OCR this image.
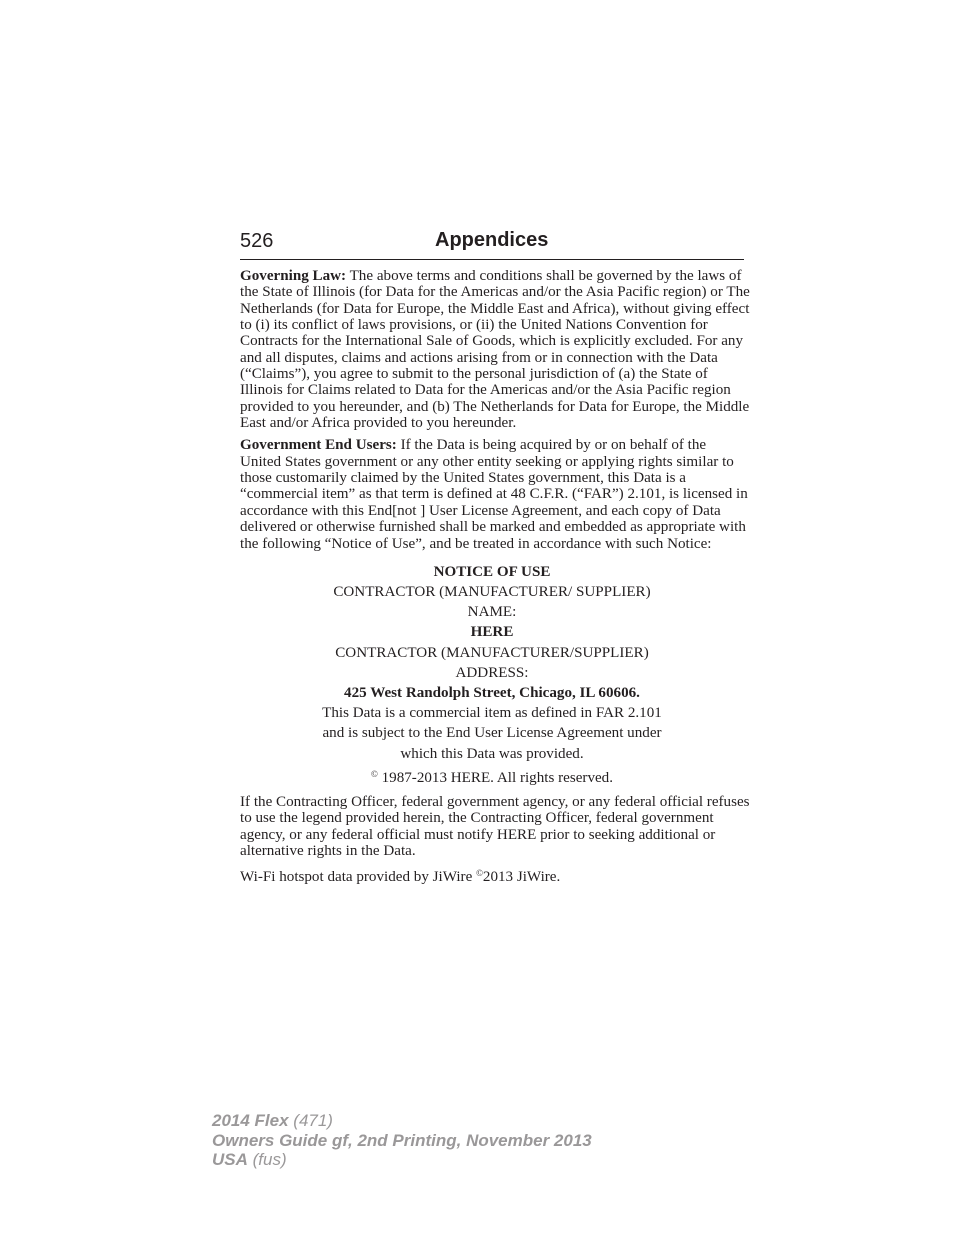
526	Appendices

Governing Law: The above terms and conditions shall be governed by the laws of the State of Illinois (for Data for the Americas and/or the Asia Pacific region) or The Netherlands (for Data for Europe, the Middle East and Africa), without giving effect to (i) its conflict of laws provisions, or (ii) the United Nations Convention for Contracts for the International Sale of Goods, which is explicitly excluded. For any and all disputes, claims and actions arising from or in connection with the Data (“Claims”), you agree to submit to the personal jurisdiction of (a) the State of Illinois for Claims related to Data for the Americas and/or the Asia Pacific region provided to you hereunder, and (b) The Netherlands for Data for Europe, the Middle East and/or Africa provided to you hereunder.

Government End Users: If the Data is being acquired by or on behalf of the United States government or any other entity seeking or applying rights similar to those customarily claimed by the United States government, this Data is a “commercial item” as that term is defined at 48 C.F.R. (“FAR”) 2.101, is licensed in accordance with this End[not ] User License Agreement, and each copy of Data delivered or otherwise furnished shall be marked and embedded as appropriate with the following “Notice of Use”, and be treated in accordance with such Notice:

NOTICE OF USE
CONTRACTOR (MANUFACTURER/ SUPPLIER)
NAME:
HERE
CONTRACTOR (MANUFACTURER/SUPPLIER)
ADDRESS:
425 West Randolph Street, Chicago, IL 60606.
This Data is a commercial item as defined in FAR 2.101
and is subject to the End User License Agreement under
which this Data was provided.
© 1987-2013 HERE. All rights reserved.

If the Contracting Officer, federal government agency, or any federal official refuses to use the legend provided herein, the Contracting Officer, federal government agency, or any federal official must notify HERE prior to seeking additional or alternative rights in the Data.

Wi-Fi hotspot data provided by JiWire ©2013 JiWire.

2014 Flex (471)
Owners Guide gf, 2nd Printing, November 2013
USA (fus)
